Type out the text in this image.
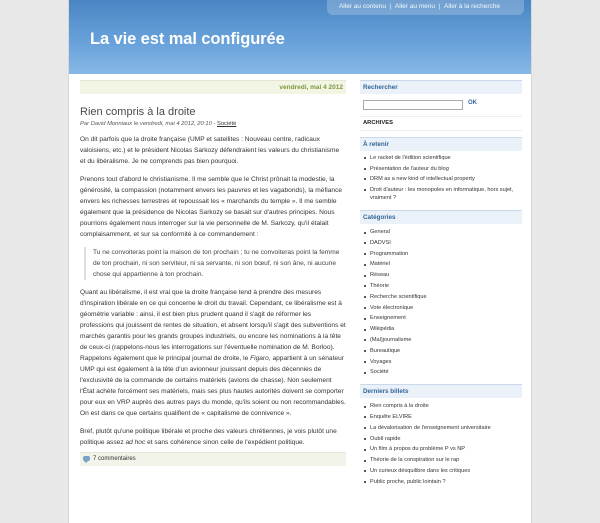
Aller au contenu | Aller au menu | Aller à la recherche
La vie est mal configurée
vendredi, mai 4 2012
Rien compris à la droite

Par David Monniaux le vendredi, mai 4 2012, 20:10 - Société

On dit parfois que la droite française (UMP et satellites : Nouveau centre, radicaux valoisiens, etc.) et le président Nicolas Sarkozy défendraient les valeurs du christianisme et du libéralisme. Je ne comprends pas bien pourquoi.

Prenons tout d'abord le christianisme. Il me semble que le Christ prônait la modestie, la générosité, la compassion (notamment envers les pauvres et les vagabonds), la méfiance envers les richesses terrestres et repoussait les « marchands du temple ». Il me semble également que la présidence de Nicolas Sarkozy se basait sur d'autres principes. Nous pourrions également nous interroger sur la vie personnelle de M. Sarkozy, qu'il étalait complaisamment, et sur sa conformité à ce commandement :

Tu ne convoiteras point la maison de ton prochain ; tu ne convoiteras point la femme de ton prochain, ni son serviteur, ni sa servante, ni son bœuf, ni son âne, ni aucune chose qui appartienne à ton prochain.

Quant au libéralisme, il est vrai que la droite française tend à prendre des mesures d'inspiration libérale en ce qui concerne le droit du travail. Cependant, ce libéralisme est à géométrie variable : ainsi, il est bien plus prudent quand il s'agit de réformer les professions qui jouissent de rentes de situation, et absent lorsqu'il s'agit des subventions et marchés garantis pour les grands groupes industriels, ou encore les nominations à la tête de ceux-ci (rappelons-nous les interrogations sur l'éventuelle nomination de M. Borloo). Rappelons également que le principal journal de droite, le Figaro, appartient à un sénateur UMP qui est également à la tête d'un avionneur jouissant depuis des décennies de l'exclusivité de la commande de certains matériels (avions de chasse). Non seulement l'État achète forcément ses matériels, mais ses plus hautes autorités doivent se comporter pour eux en VRP auprès des autres pays du monde, qu'ils soient ou non recommandables. On est dans ce que certains qualifient de « capitalisme de connivence ».

Bref, plutôt qu'une politique libérale et proche des valeurs chrétiennes, je vois plutôt une politique assez ad hoc et sans cohérence sinon celle de l'expédient politique.

7 commentaires
Rechercher
OK
ARCHIVES
À retenir
Le racket de l'édition scientifique
Présentation de l'auteur du blog
DRM as a new kind of intellectual property
Droit d'auteur : les monopoles en informatique, hors sujet, vraiment ?
Catégories
General
DADVSI
Programmation
Matériel
Réseau
Théorie
Recherche scientifique
Vote électronique
Enseignement
Wikipédia
(Mal)journalisme
Bureautique
Voyages
Société
Derniers billets
Rien compris à la droite
Enquête ELVIRE
La dévalorisation de l'enseignement universitaire
Oublí rapide
Un film à propos du problème P vs NP
Théorie de la conspiration sur le rap
Un curieux désquilibre dans les critiques
Public proche, public lointain ?
